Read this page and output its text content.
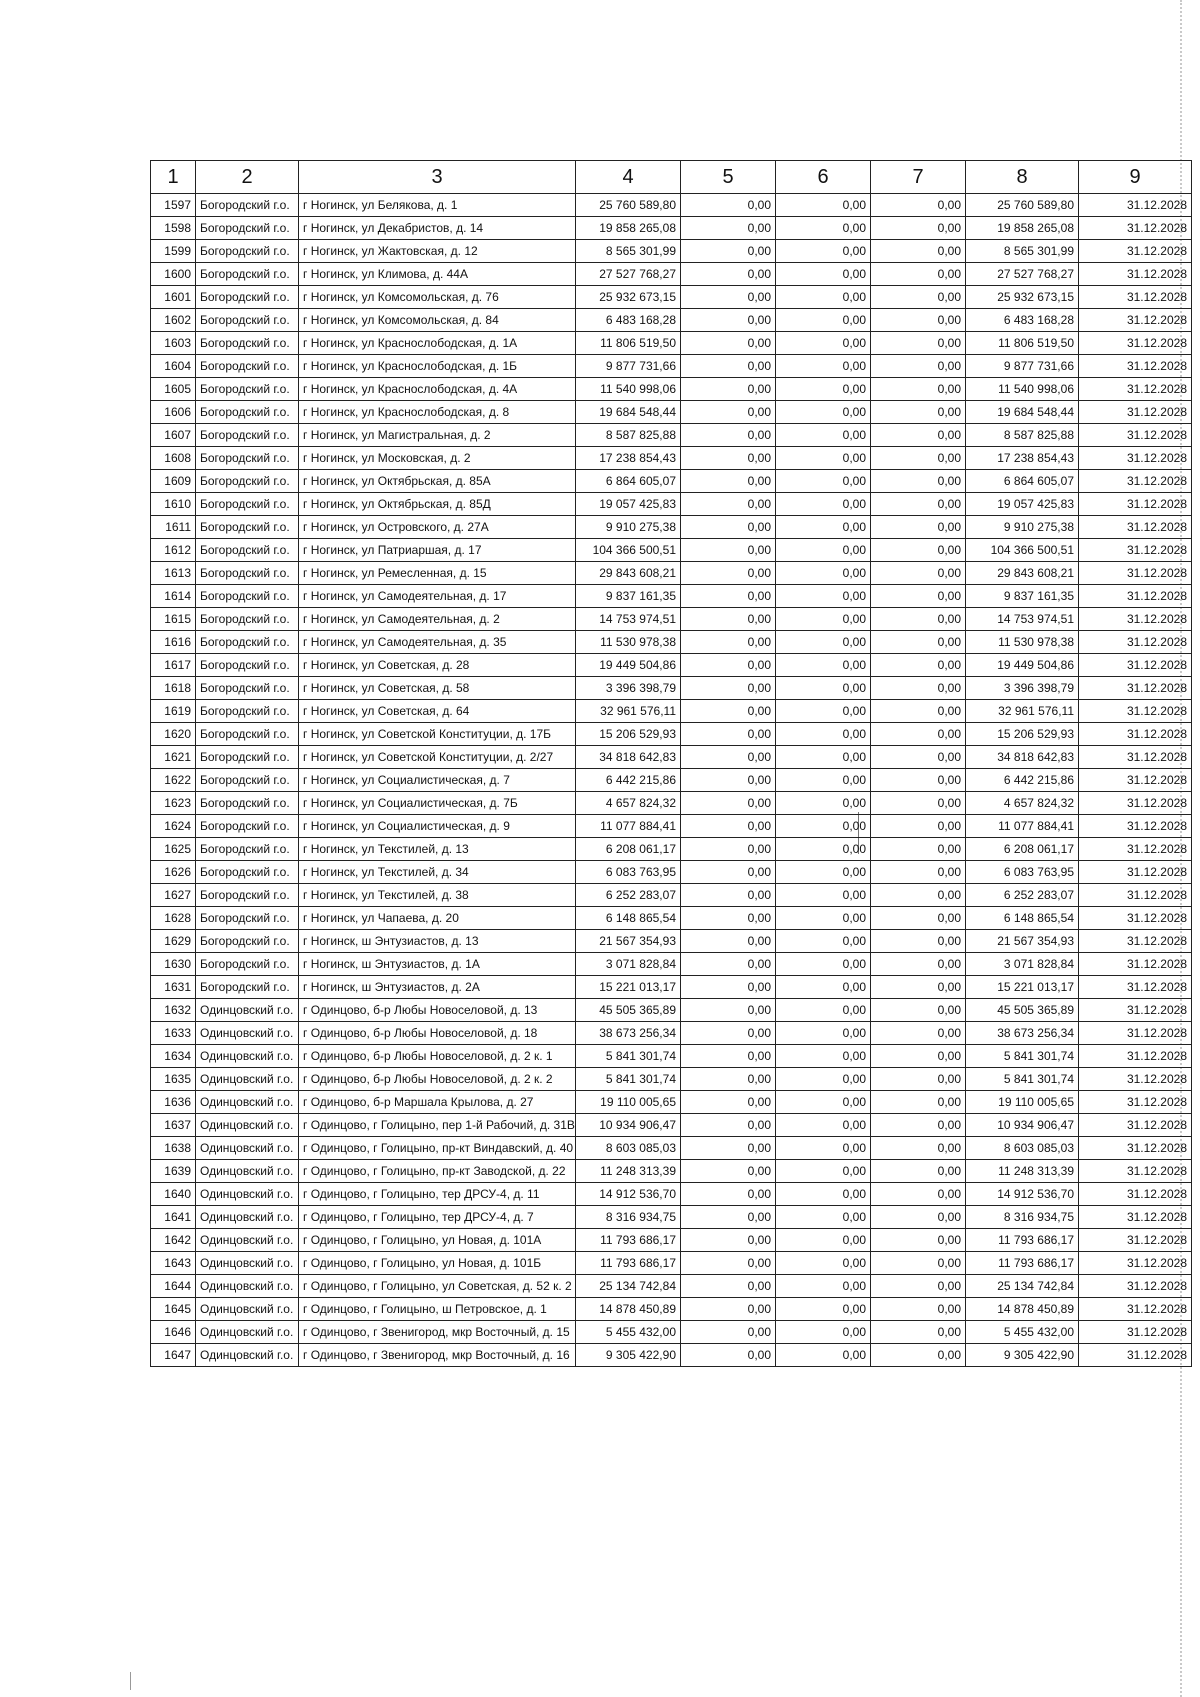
1	2	3	4	5	6	7	8	9
1597	Богородский г.о.	г Ногинск, ул Белякова, д. 1	25 760 589,80	0,00	0,00	0,00	25 760 589,80	31.12.2028
1598	Богородский г.о.	г Ногинск, ул Декабристов, д. 14	19 858 265,08	0,00	0,00	0,00	19 858 265,08	31.12.2028
1599	Богородский г.о.	г Ногинск, ул Жактовская, д. 12	8 565 301,99	0,00	0,00	0,00	8 565 301,99	31.12.2028
1600	Богородский г.о.	г Ногинск, ул Климова, д. 44А	27 527 768,27	0,00	0,00	0,00	27 527 768,27	31.12.2028
1601	Богородский г.о.	г Ногинск, ул Комсомольская, д. 76	25 932 673,15	0,00	0,00	0,00	25 932 673,15	31.12.2028
1602	Богородский г.о.	г Ногинск, ул Комсомольская, д. 84	6 483 168,28	0,00	0,00	0,00	6 483 168,28	31.12.2028
1603	Богородский г.о.	г Ногинск, ул Краснослободская, д. 1А	11 806 519,50	0,00	0,00	0,00	11 806 519,50	31.12.2028
1604	Богородский г.о.	г Ногинск, ул Краснослободская, д. 1Б	9 877 731,66	0,00	0,00	0,00	9 877 731,66	31.12.2028
1605	Богородский г.о.	г Ногинск, ул Краснослободская, д. 4А	11 540 998,06	0,00	0,00	0,00	11 540 998,06	31.12.2028
1606	Богородский г.о.	г Ногинск, ул Краснослободская, д. 8	19 684 548,44	0,00	0,00	0,00	19 684 548,44	31.12.2028
1607	Богородский г.о.	г Ногинск, ул Магистральная, д. 2	8 587 825,88	0,00	0,00	0,00	8 587 825,88	31.12.2028
1608	Богородский г.о.	г Ногинск, ул Московская, д. 2	17 238 854,43	0,00	0,00	0,00	17 238 854,43	31.12.2028
1609	Богородский г.о.	г Ногинск, ул Октябрьская, д. 85А	6 864 605,07	0,00	0,00	0,00	6 864 605,07	31.12.2028
1610	Богородский г.о.	г Ногинск, ул Октябрьская, д. 85Д	19 057 425,83	0,00	0,00	0,00	19 057 425,83	31.12.2028
1611	Богородский г.о.	г Ногинск, ул Островского, д. 27А	9 910 275,38	0,00	0,00	0,00	9 910 275,38	31.12.2028
1612	Богородский г.о.	г Ногинск, ул Патриаршая, д. 17	104 366 500,51	0,00	0,00	0,00	104 366 500,51	31.12.2028
1613	Богородский г.о.	г Ногинск, ул Ремесленная, д. 15	29 843 608,21	0,00	0,00	0,00	29 843 608,21	31.12.2028
1614	Богородский г.о.	г Ногинск, ул Самодеятельная, д. 17	9 837 161,35	0,00	0,00	0,00	9 837 161,35	31.12.2028
1615	Богородский г.о.	г Ногинск, ул Самодеятельная, д. 2	14 753 974,51	0,00	0,00	0,00	14 753 974,51	31.12.2028
1616	Богородский г.о.	г Ногинск, ул Самодеятельная, д. 35	11 530 978,38	0,00	0,00	0,00	11 530 978,38	31.12.2028
1617	Богородский г.о.	г Ногинск, ул Советская, д. 28	19 449 504,86	0,00	0,00	0,00	19 449 504,86	31.12.2028
1618	Богородский г.о.	г Ногинск, ул Советская, д. 58	3 396 398,79	0,00	0,00	0,00	3 396 398,79	31.12.2028
1619	Богородский г.о.	г Ногинск, ул Советская, д. 64	32 961 576,11	0,00	0,00	0,00	32 961 576,11	31.12.2028
1620	Богородский г.о.	г Ногинск, ул Советской Конституции, д. 17Б	15 206 529,93	0,00	0,00	0,00	15 206 529,93	31.12.2028
1621	Богородский г.о.	г Ногинск, ул Советской Конституции, д. 2/27	34 818 642,83	0,00	0,00	0,00	34 818 642,83	31.12.2028
1622	Богородский г.о.	г Ногинск, ул Социалистическая, д. 7	6 442 215,86	0,00	0,00	0,00	6 442 215,86	31.12.2028
1623	Богородский г.о.	г Ногинск, ул Социалистическая, д. 7Б	4 657 824,32	0,00	0,00	0,00	4 657 824,32	31.12.2028
1624	Богородский г.о.	г Ногинск, ул Социалистическая, д. 9	11 077 884,41	0,00	0,00	0,00	11 077 884,41	31.12.2028
1625	Богородский г.о.	г Ногинск, ул Текстилей, д. 13	6 208 061,17	0,00	0,00	0,00	6 208 061,17	31.12.2028
1626	Богородский г.о.	г Ногинск, ул Текстилей, д. 34	6 083 763,95	0,00	0,00	0,00	6 083 763,95	31.12.2028
1627	Богородский г.о.	г Ногинск, ул Текстилей, д. 38	6 252 283,07	0,00	0,00	0,00	6 252 283,07	31.12.2028
1628	Богородский г.о.	г Ногинск, ул Чапаева, д. 20	6 148 865,54	0,00	0,00	0,00	6 148 865,54	31.12.2028
1629	Богородский г.о.	г Ногинск, ш Энтузиастов, д. 13	21 567 354,93	0,00	0,00	0,00	21 567 354,93	31.12.2028
1630	Богородский г.о.	г Ногинск, ш Энтузиастов, д. 1А	3 071 828,84	0,00	0,00	0,00	3 071 828,84	31.12.2028
1631	Богородский г.о.	г Ногинск, ш Энтузиастов, д. 2А	15 221 013,17	0,00	0,00	0,00	15 221 013,17	31.12.2028
1632	Одинцовский г.о.	г Одинцово, б-р Любы Новоселовой, д. 13	45 505 365,89	0,00	0,00	0,00	45 505 365,89	31.12.2028
1633	Одинцовский г.о.	г Одинцово, б-р Любы Новоселовой, д. 18	38 673 256,34	0,00	0,00	0,00	38 673 256,34	31.12.2028
1634	Одинцовский г.о.	г Одинцово, б-р Любы Новоселовой, д. 2 к. 1	5 841 301,74	0,00	0,00	0,00	5 841 301,74	31.12.2028
1635	Одинцовский г.о.	г Одинцово, б-р Любы Новоселовой, д. 2 к. 2	5 841 301,74	0,00	0,00	0,00	5 841 301,74	31.12.2028
1636	Одинцовский г.о.	г Одинцово, б-р Маршала Крылова, д. 27	19 110 005,65	0,00	0,00	0,00	19 110 005,65	31.12.2028
1637	Одинцовский г.о.	г Одинцово, г Голицыно, пер 1-й Рабочий, д. 31В	10 934 906,47	0,00	0,00	0,00	10 934 906,47	31.12.2028
1638	Одинцовский г.о.	г Одинцово, г Голицыно, пр-кт Виндавский, д. 40	8 603 085,03	0,00	0,00	0,00	8 603 085,03	31.12.2028
1639	Одинцовский г.о.	г Одинцово, г Голицыно, пр-кт Заводской, д. 22	11 248 313,39	0,00	0,00	0,00	11 248 313,39	31.12.2028
1640	Одинцовский г.о.	г Одинцово, г Голицыно, тер ДРСУ-4, д. 11	14 912 536,70	0,00	0,00	0,00	14 912 536,70	31.12.2028
1641	Одинцовский г.о.	г Одинцово, г Голицыно, тер ДРСУ-4, д. 7	8 316 934,75	0,00	0,00	0,00	8 316 934,75	31.12.2028
1642	Одинцовский г.о.	г Одинцово, г Голицыно, ул Новая, д. 101А	11 793 686,17	0,00	0,00	0,00	11 793 686,17	31.12.2028
1643	Одинцовский г.о.	г Одинцово, г Голицыно, ул Новая, д. 101Б	11 793 686,17	0,00	0,00	0,00	11 793 686,17	31.12.2028
1644	Одинцовский г.о.	г Одинцово, г Голицыно, ул Советская, д. 52 к. 2	25 134 742,84	0,00	0,00	0,00	25 134 742,84	31.12.2028
1645	Одинцовский г.о.	г Одинцово, г Голицыно, ш Петровское, д. 1	14 878 450,89	0,00	0,00	0,00	14 878 450,89	31.12.2028
1646	Одинцовский г.о.	г Одинцово, г Звенигород, мкр Восточный, д. 15	5 455 432,00	0,00	0,00	0,00	5 455 432,00	31.12.2028
1647	Одинцовский г.о.	г Одинцово, г Звенигород, мкр Восточный, д. 16	9 305 422,90	0,00	0,00	0,00	9 305 422,90	31.12.2028
